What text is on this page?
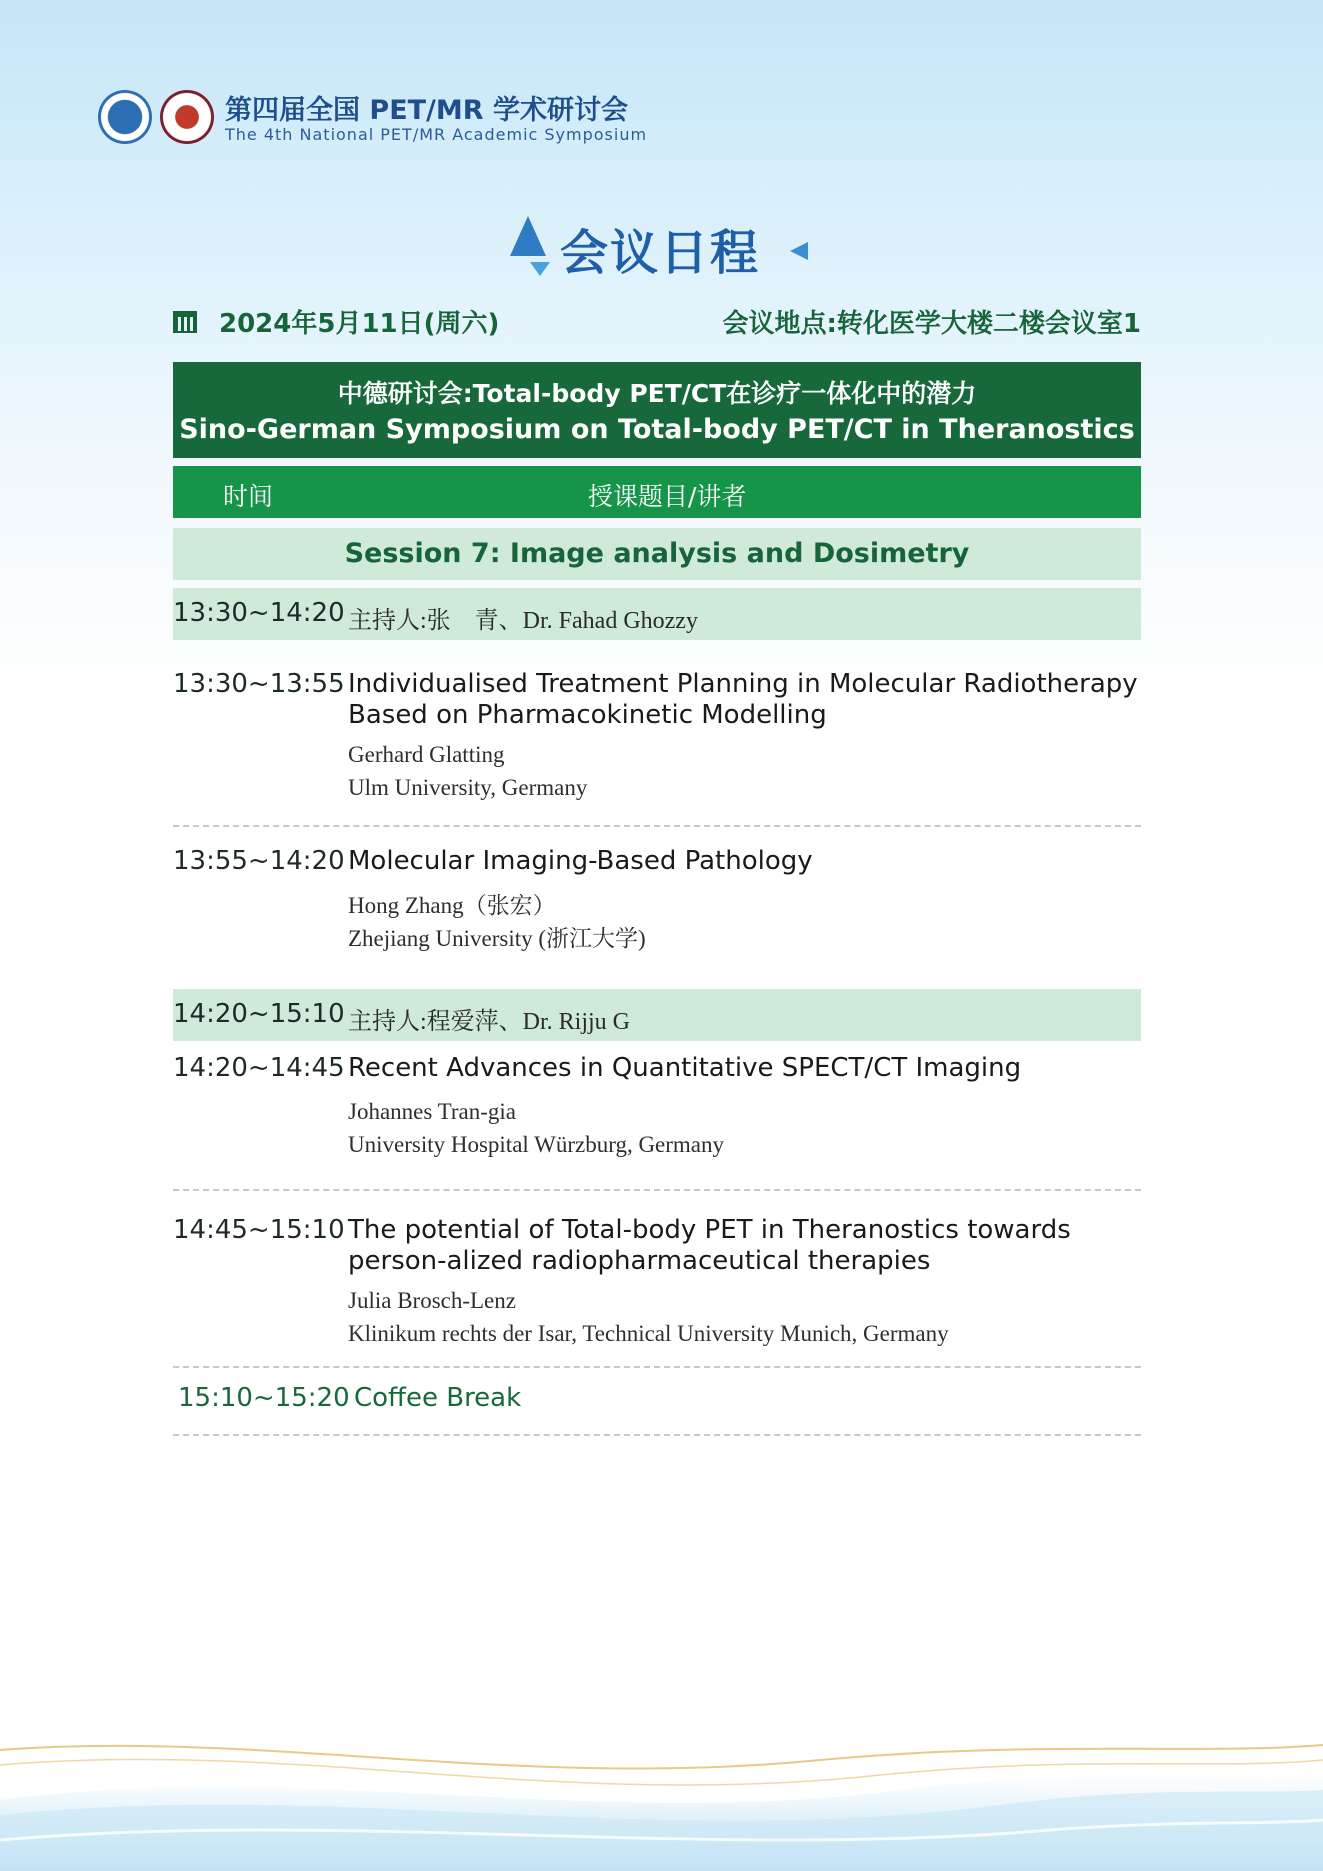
第四届全国 PET/MR 学术研讨会
The 4th National PET/MR Academic Symposium
会议日程
2024年5月11日(周六)	会议地点:转化医学大楼二楼会议室1
中德研讨会:Total-body PET/CT在诊疗一体化中的潜力
Sino-German Symposium on Total-body PET/CT in Theranostics
时间	授课题目/讲者
Session 7: Image analysis and Dosimetry
13:30~14:20 主持人:张　青、Dr. Fahad Ghozzy
13:30~13:55 Individualised Treatment Planning in Molecular Radiotherapy Based on Pharmacokinetic Modelling
Gerhard Glatting
Ulm University, Germany
13:55~14:20 Molecular Imaging-Based Pathology
Hong Zhang（张宏）
Zhejiang University (浙江大学)
14:20~15:10 主持人:程爱萍、Dr. Rijju G
14:20~14:45 Recent Advances in Quantitative SPECT/CT Imaging
Johannes Tran-gia
University Hospital Würzburg, Germany
14:45~15:10 The potential of Total-body PET in Theranostics towards person-alized radiopharmaceutical therapies
Julia Brosch-Lenz
Klinikum rechts der Isar, Technical University Munich, Germany
15:10~15:20 Coffee Break
